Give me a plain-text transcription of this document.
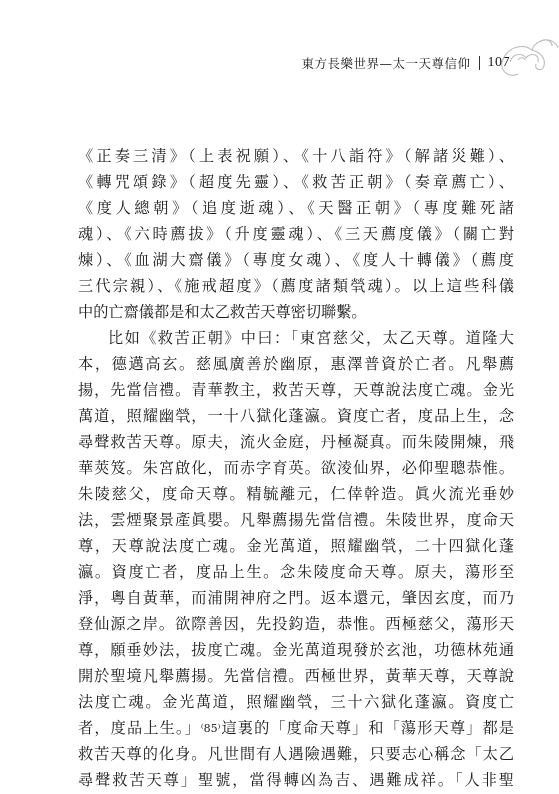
東方長樂世界—太一天尊信仰 107
《正奏三清》（上表祝願）、《十八詣符》（解諸災難）、
《轉咒頌錄》（超度先靈）、《救苦正朝》（奏章薦亡）、
《度人總朝》（追度逝魂）、《天醫正朝》（專度難死諸
魂）、《六時薦拔》（升度靈魂）、《三天薦度儀》（關亡對
煉）、《血湖大齋儀》（專度女魂）、《度人十轉儀》（薦度
三代宗親）、《施戒超度》（薦度諸類煢魂）。以上這些科儀
中的亡齋儀都是和太乙救苦天尊密切聯繫。
比如《救苦正朝》中曰：「東宮慈父，太乙天尊。道隆大
本，德邁高玄。慈風廣善於幽原，惠澤普資於亡者。凡舉薦
揚，先當信禮。青華教主，救苦天尊，天尊說法度亡魂。金光
萬道，照耀幽煢，一十八獄化蓬瀛。資度亡者，度品上生，念
尋聲救苦天尊。原夫，流火金庭，丹極凝真。而朱陵開煉，飛
華莢笈。朱宮啟化，而赤字育英。欲淩仙界，必仰聖聰恭惟。
朱陵慈父，度命天尊。精毓離元，仁倖幹造。眞火流光垂妙
法，雲煙聚景產眞嬰。凡舉薦揚先當信禮。朱陵世界，度命天
尊，天尊說法度亡魂。金光萬道，照耀幽煢，二十四獄化蓬
瀛。資度亡者，度品上生。念朱陵度命天尊。原夫，蕩形至
淨，粵自黃華，而浦開神府之門。返本還元，肇因玄度，而乃
登仙源之岸。欲際善因，先投鈞造，恭惟。西極慈父，蕩形天
尊，願垂妙法，拔度亡魂。金光萬道現發於玄池，功德林苑通
開於聖境凡舉薦揚。先當信禮。西極世界，黃華天尊，天尊說
法度亡魂。金光萬道，照耀幽煢，三十六獄化蓬瀛。資度亡
者，度品上生。」⁽85⁾這裏的「度命天尊」和「蕩形天尊」都是
救苦天尊的化身。凡世間有人遇險遇難，只要志心稱念「太乙
尋聲救苦天尊」聖號，當得轉凶為吉、遇難成祥。「人非聖
